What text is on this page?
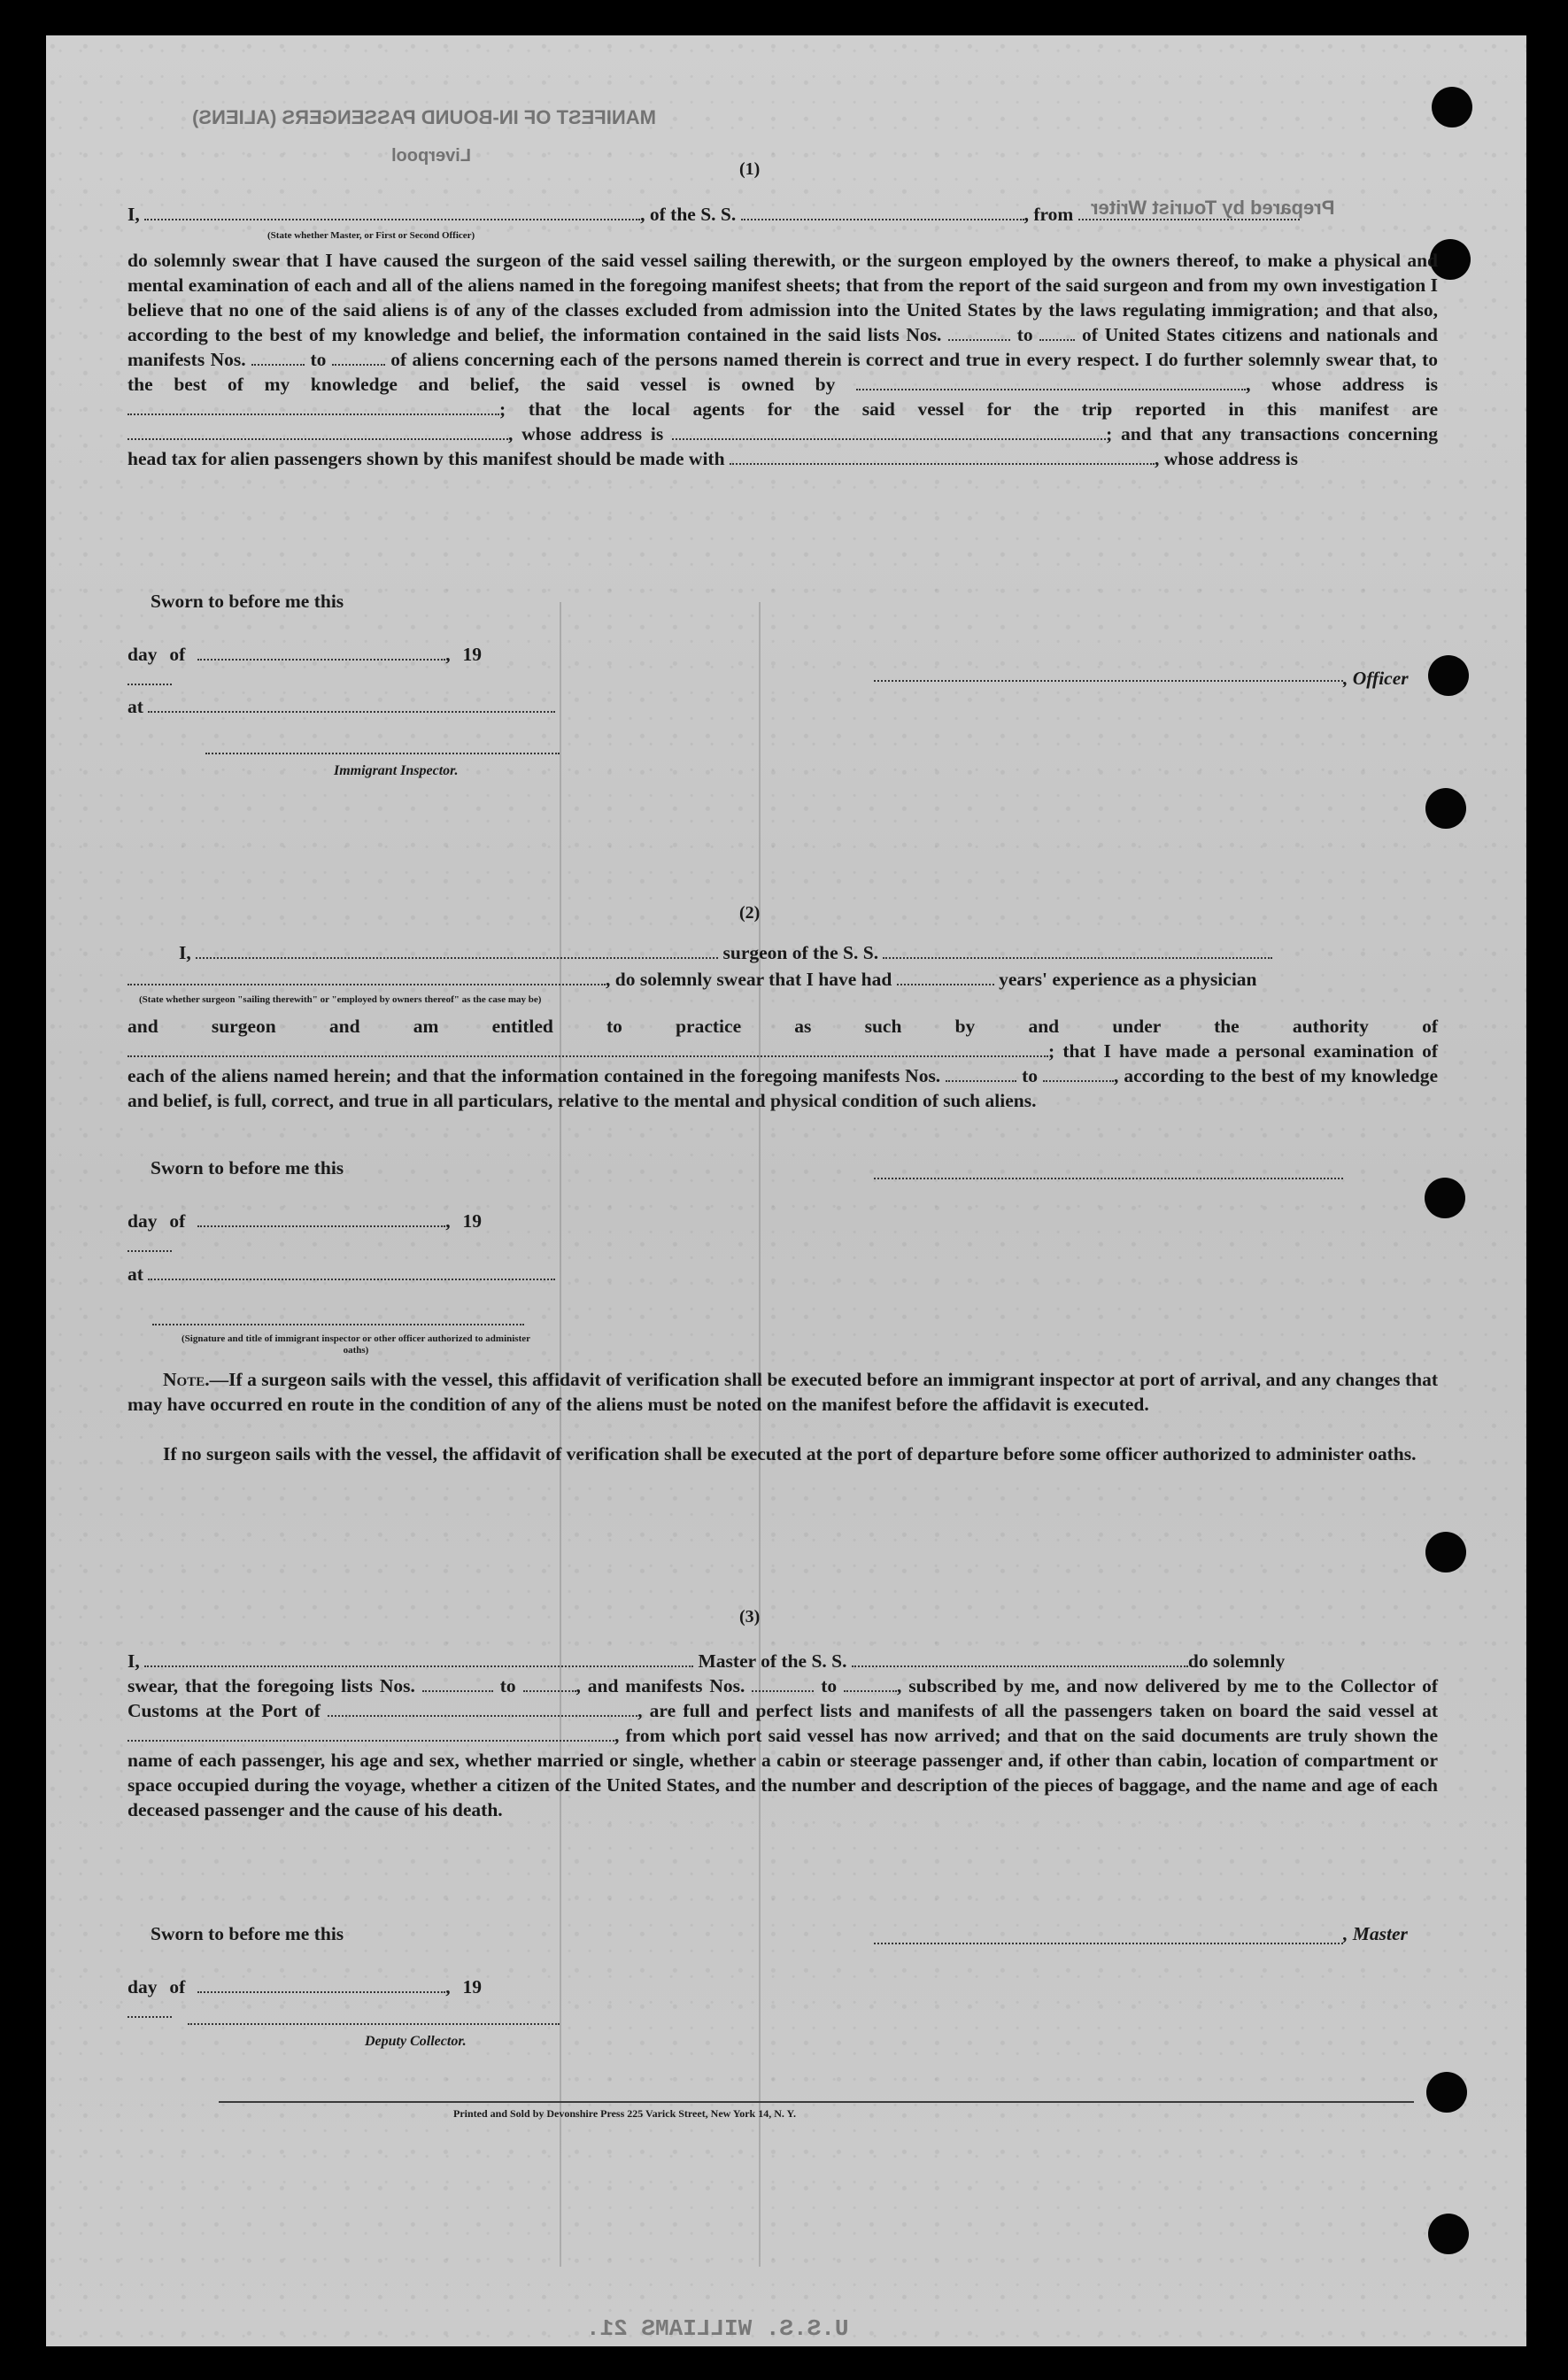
MANIFEST OF IN-BOUND PASSENGERS (ALIENS)
Liverpool
Prepared by Tourist Writer
(1)
I,	, of the S. S.	, from
(State whether Master, or First or Second Officer)
do solemnly swear that I have caused the surgeon of the said vessel sailing therewith, or the surgeon employed by the owners thereof, to make a physical and mental examination of each and all of the aliens named in the foregoing manifest sheets; that from the report of the said surgeon and from my own investigation I believe that no one of the said aliens is of any of the classes excluded from admission into the United States by the laws regulating immigration; and that also, according to the best of my knowledge and belief, the information contained in the said lists Nos.	to	of United States citizens and nationals and manifests Nos.	to	of aliens concerning each of the persons named therein is correct and true in every respect. I do further solemnly swear that, to the best of my knowledge and belief, the said vessel is owned by	, whose address is ; that the local agents for the said vessel for the trip reported in this manifest are , whose address is	; and that any transactions concerning head tax for alien passengers shown by this manifest should be made with	, whose address is
Sworn to before me this
day of	, 19
at
, Officer
Immigrant Inspector.
(2)
I,	surgeon of the S. S.
, do solemnly swear that I have had	years' experience as a physician
(State whether surgeon "sailing therewith" or "employed by owners thereof" as the case may be)
and surgeon and am entitled to practice as such by and under the authority of ; that I have made a personal examination of each of the aliens named herein; and that the information contained in the foregoing manifests Nos.	to	, according to the best of my knowledge and belief, is full, correct, and true in all particulars, relative to the mental and physical condition of such aliens.
Sworn to before me this
day of	, 19
at
(Signature and title of immigrant inspector or other officer authorized to administer oaths)
Note.—If a surgeon sails with the vessel, this affidavit of verification shall be executed before an immigrant inspector at port of arrival, and any changes that may have occurred en route in the condition of any of the aliens must be noted on the manifest before the affidavit is executed.
If no surgeon sails with the vessel, the affidavit of verification shall be executed at the port of departure before some officer authorized to administer oaths.
(3)
I,	Master of the S. S.	do solemnly
swear, that the foregoing lists Nos.	to	, and manifests Nos.	to	, subscribed by me, and now delivered by me to the Collector of Customs at the Port of	, are full and perfect lists and manifests of all the passengers taken on board the said vessel at , from which port said vessel has now arrived; and that on the said documents are truly shown the name of each passenger, his age and sex, whether married or single, whether a cabin or steerage passenger and, if other than cabin, location of compartment or space occupied during the voyage, whether a citizen of the United States, and the number and description of the pieces of baggage, and the name and age of each deceased passenger and the cause of his death.
Sworn to before me this	, Master
day of	, 19
Deputy Collector.
Printed and Sold by Devonshire Press 225 Varick Street, New York 14, N. Y.
U.S.S. WILLIAMS 21.
